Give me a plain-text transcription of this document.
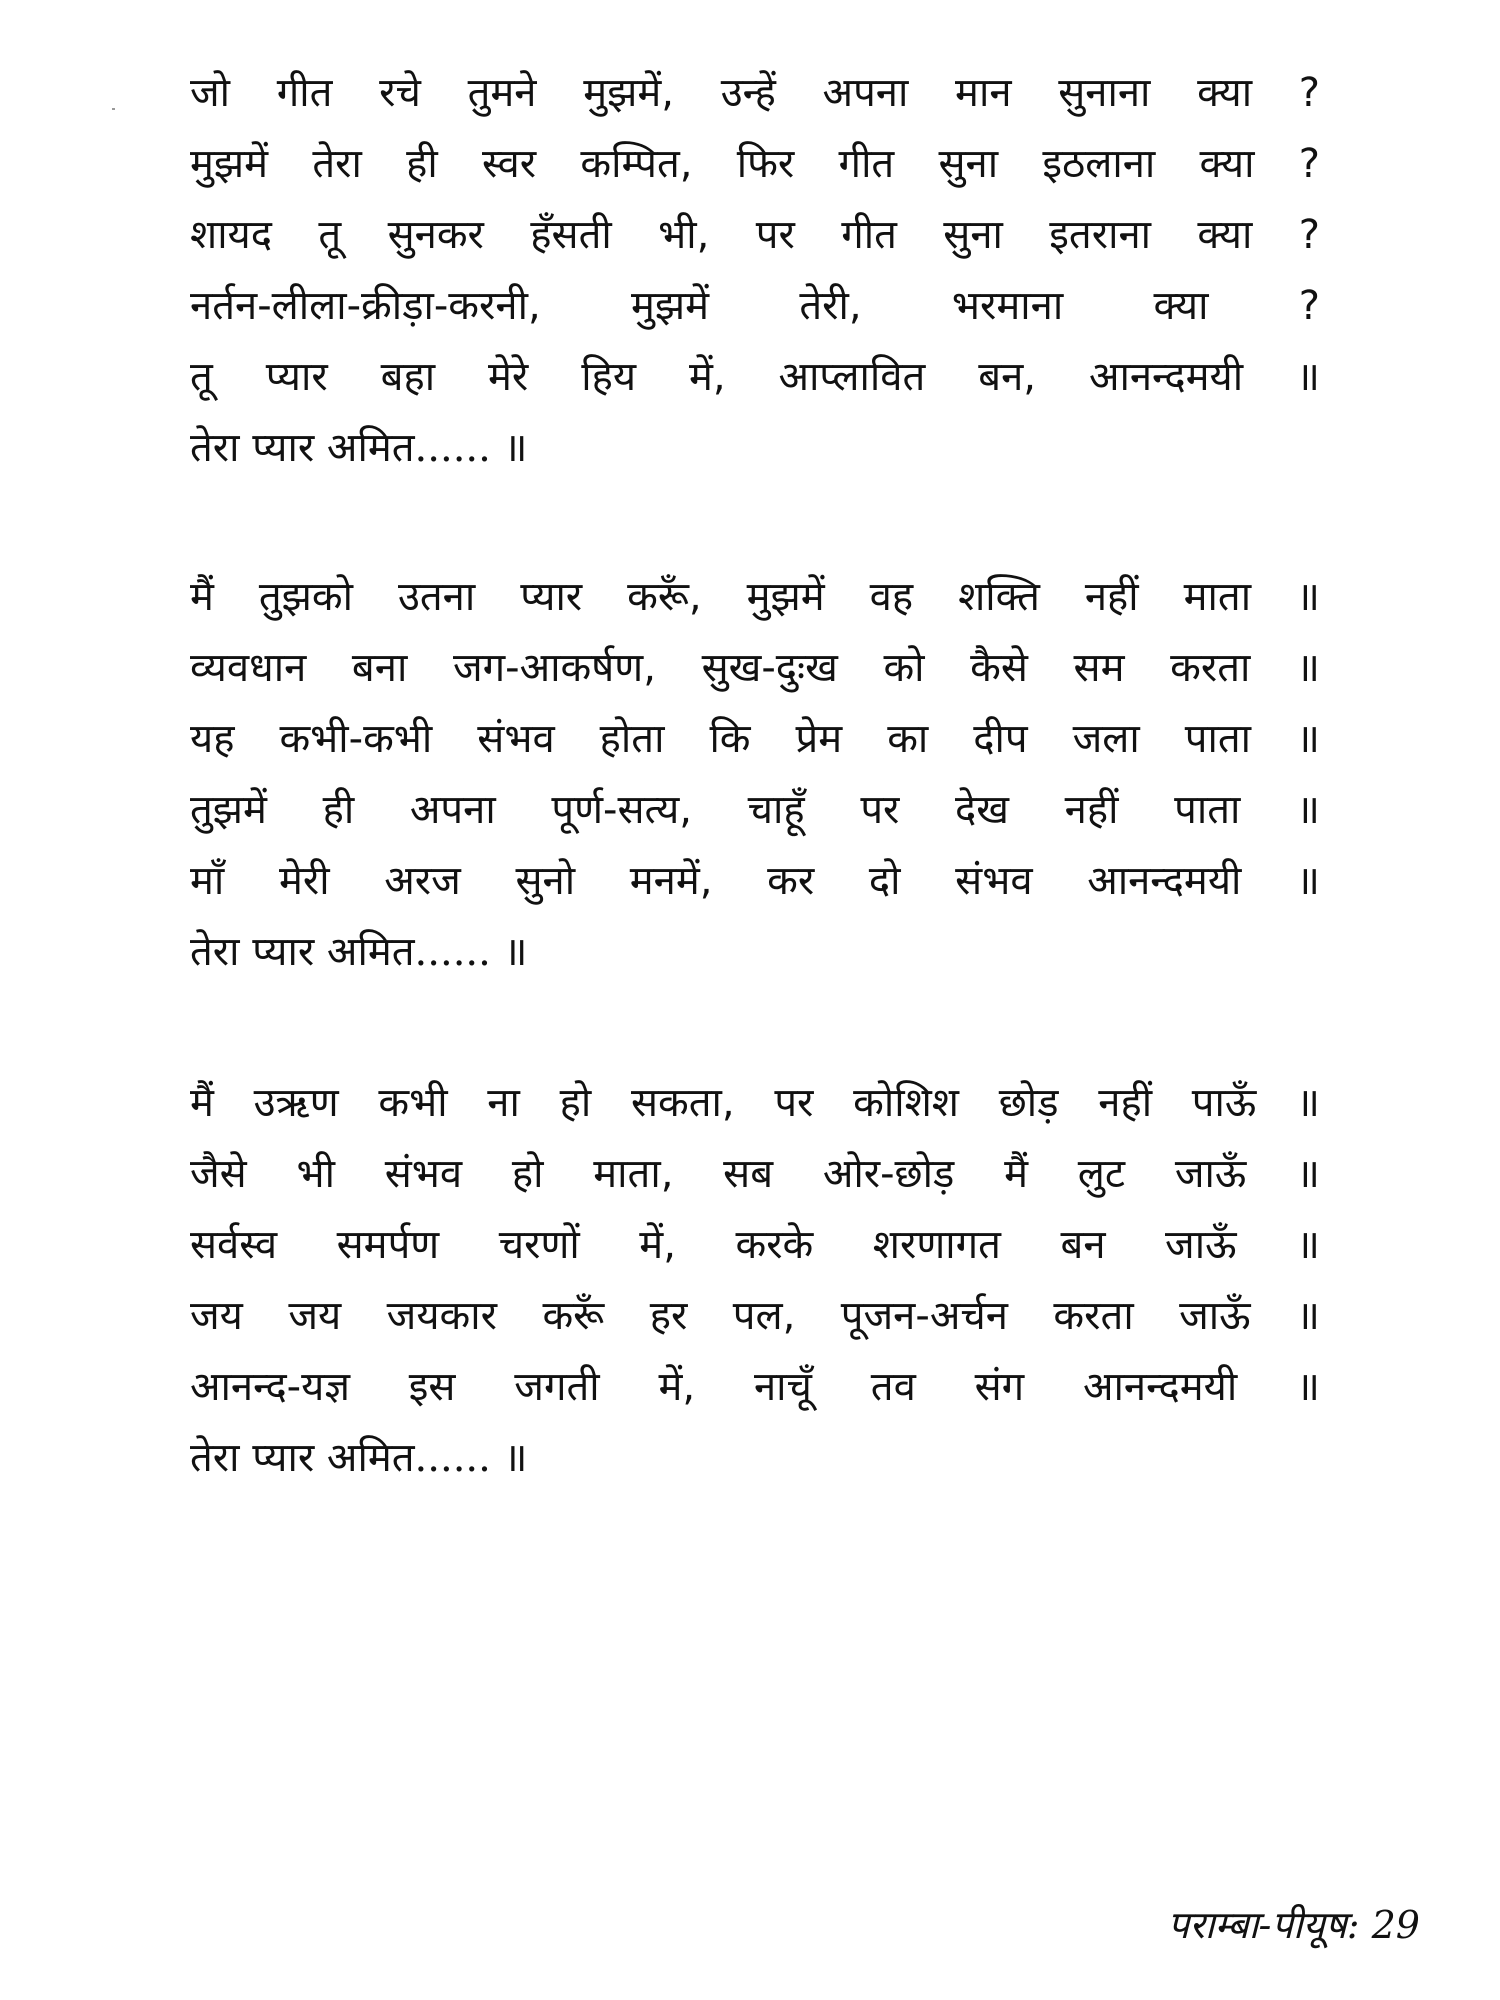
जो गीत रचे तुमने मुझमें, उन्हें अपना मान सुनाना क्या ?
मुझमें तेरा ही स्वर कम्पित, फिर गीत सुना इठलाना क्या ?
शायद तू सुनकर हँसती भी, पर गीत सुना इतराना क्या ?
नर्तन-लीला-क्रीड़ा-करनी, मुझमें तेरी, भरमाना क्या ?
तू प्यार बहा मेरे हिय में, आप्लावित बन, आनन्दमयी ॥
तेरा प्यार अमित...... ॥
मैं तुझको उतना प्यार करूँ, मुझमें वह शक्ति नहीं माता ॥
व्यवधान बना जग-आकर्षण, सुख-दुःख को कैसे सम करता ॥
यह कभी-कभी संभव होता कि प्रेम का दीप जला पाता ॥
तुझमें ही अपना पूर्ण-सत्य, चाहूँ पर देख नहीं पाता ॥
माँ मेरी अरज सुनो मनमें, कर दो संभव आनन्दमयी ॥
तेरा प्यार अमित...... ॥
मैं उऋण कभी ना हो सकता, पर कोशिश छोड़ नहीं पाऊँ ॥
जैसे भी संभव हो माता, सब ओर-छोड़ मैं लुट जाऊँ ॥
सर्वस्व समर्पण चरणों में, करके शरणागत बन जाऊँ ॥
जय जय जयकार करूँ हर पल, पूजन-अर्चन करता जाऊँ ॥
आनन्द-यज्ञ इस जगती में, नाचूँ तव संग आनन्दमयी ॥
तेरा प्यार अमित...... ॥
पराम्बा-पीयूष: 29
